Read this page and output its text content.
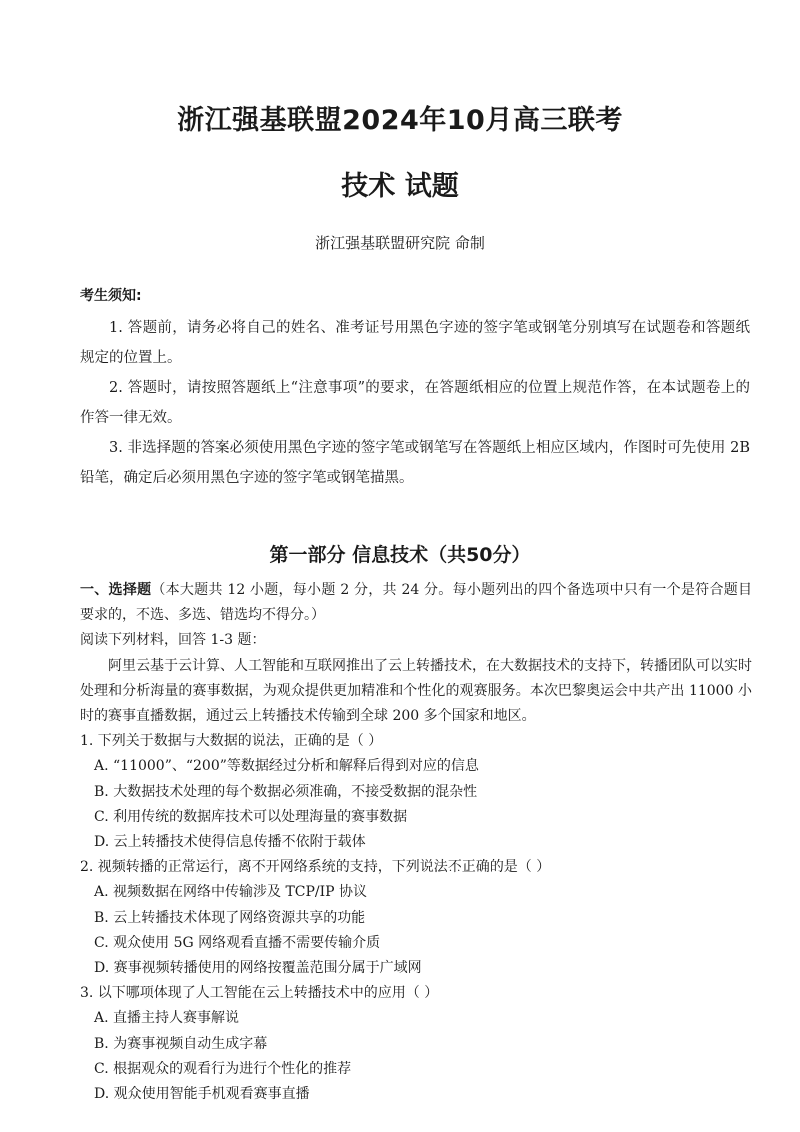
浙江强基联盟2024年10月高三联考
技术 试题
浙江强基联盟研究院 命制
考生须知:

1. 答题前，请务必将自己的姓名、准考证号用黑色字迹的签字笔或钢笔分别填写在试题卷和答题纸规定的位置上。

2. 答题时，请按照答题纸上“注意事项”的要求，在答题纸相应的位置上规范作答，在本试题卷上的作答一律无效。

3. 非选择题的答案必须使用黑色字迹的签字笔或钢笔写在答题纸上相应区域内，作图时可先使用 2B 铅笔，确定后必须用黑色字迹的签字笔或钢笔描黑。

第一部分 信息技术（共50分）

一、选择题（本大题共 12 小题，每小题 2 分，共 24 分。每小题列出的四个备选项中只有一个是符合题目要求的，不选、多选、错选均不得分。）

阅读下列材料，回答 1-3 题：

阿里云基于云计算、人工智能和互联网推出了云上转播技术，在大数据技术的支持下，转播团队可以实时处理和分析海量的赛事数据，为观众提供更加精准和个性化的观赛服务。本次巴黎奥运会中共产出 11000 小时的赛事直播数据，通过云上转播技术传输到全球 200 多个国家和地区。

1. 下列关于数据与大数据的说法，正确的是（ ）

A. “11000”、“200”等数据经过分析和解释后得到对应的信息

B. 大数据技术处理的每个数据必须准确，不接受数据的混杂性

C. 利用传统的数据库技术可以处理海量的赛事数据

D. 云上转播技术使得信息传播不依附于载体

2. 视频转播的正常运行，离不开网络系统的支持，下列说法不正确 · · ·的是（ ）

A. 视频数据在网络中传输涉及 TCP/IP 协议

B. 云上转播技术体现了网络资源共享的功能

C. 观众使用 5G 网络观看直播不需要传输介质

D. 赛事视频转播使用的网络按覆盖范围分属于广域网

3. 以下哪项体现了人工智能在云上转播技术中的应用（ ）

A. 直播主持人赛事解说
B. 为赛事视频自动生成字幕
C. 根据观众的观看行为进行个性化的推荐
D. 观众使用智能手机观看赛事直播
